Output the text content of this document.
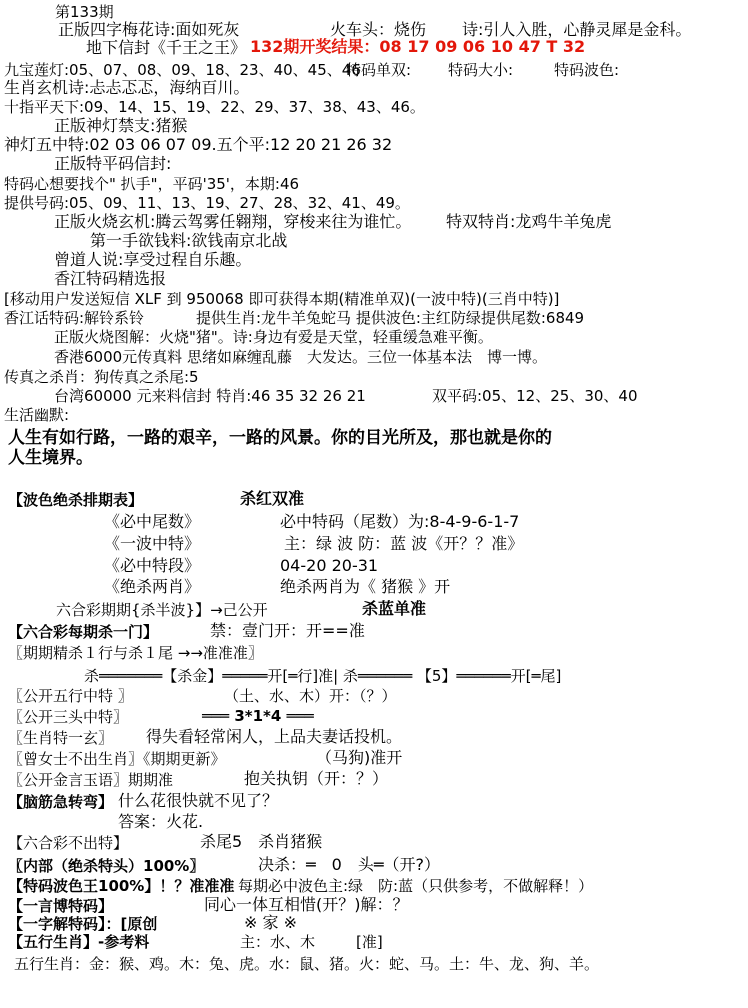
第133期
正版四字梅花诗:面如死灰	火车头：烧伤 诗:引人入胜，心静灵犀是金科。
地下信封《千王之王》 132期开奖结果：08 17 09 06 10 47 T 32
九宝莲灯:05、07、08、09、18、23、40、45、46
特码单双: 特码大小:	特码波色:
生肖玄机诗:忐忐忑忑，海纳百川。
十指平天下:09、14、15、19、22、29、37、38、43、46。
正版神灯禁支:猪猴
神灯五中特:02 03 06 07 09.五个平:12 20 21 26 32
正版特平码信封:
特码心想要找个" 扒手"，平码'35'，本期:46
提供号码:05、09、11、13、19、27、28、32、41、49。
正版火烧玄机:腾云驾雾任翱翔，穿梭来往为谁忙。 特双特肖:龙鸡牛羊兔虎
第一手欲钱料:欲钱南京北战
曾道人说:享受过程自乐趣。
香江特码精选报
[移动用户发送短信 XLF 到 950068 即可获得本期(精准单双)(一波中特)(三肖中特)]
香江话特码:解铃系铃	提供生肖:龙牛羊兔蛇马 提供波色:主红防绿提供尾数:6849
正版火烧图解：火烧"猪"。诗:身边有爱是天堂，轻重缓急难平衡。
香港6000元传真料 思绪如麻缠乱藤　大发达。三位一体基本法　博一博。
传真之杀肖：狗传真之杀尾:5
台湾60000 元来料信封 特肖:46 35 32 26 21	双平码:05、12、25、30、40
生活幽默:
人生有如行路，一路的艰辛，一路的风景。你的目光所及，那也就是你的
人生境界。
【波色绝杀排期表】	杀红双准
《必中尾数》	必中特码（尾数）为:8-4-9-6-1-7
《一波中特》	主：绿 波 防：蓝 波《开？？准》
《必中特段》	04-20 20-31
《绝杀两肖》	绝杀两肖为《 猪猴 》开
六合彩期期{杀半波}】→己公开	杀蓝单准
【六合彩每期杀一门】	禁：壹门开：开==准
〖期期精杀１行与杀１尾 →→准准准〗
杀═══════【杀金】═════开[═行]准| 杀══════ 【5】══════开[═尾]
〖公开五行中特 〗	（土、水、木）开：（？）
〖公开三头中特〗	═══ 3*1*4 ═══
〖生肖特一玄〗 得失看轻常闲人，上品夫妻话投机。
〖曾女士不出生肖〗《期期更新》	（马狗)准开
〖公开金言玉语〗期期准	抱关执钥（开：？）
【脑筋急转弯】 什么花很快就不见了？
答案：火花.
【六合彩不出特】	杀尾5　杀肖猪猴
〖内部（绝杀特头）100%〗	决杀：═　0　头═（开?）
【特码波色王100%】！？准准准 每期必中波色主:绿　防:蓝（只供参考，不做解释！）
【一言博特码】	同心一体互相惜(开？)解：？
【一字解特码】：[原创	※ 家 ※
【五行生肖】-参考料	主：水、木	[准]
五行生肖：金：猴、鸡。木：兔、虎。水：鼠、猪。火：蛇、马。土：牛、龙、狗、羊。
